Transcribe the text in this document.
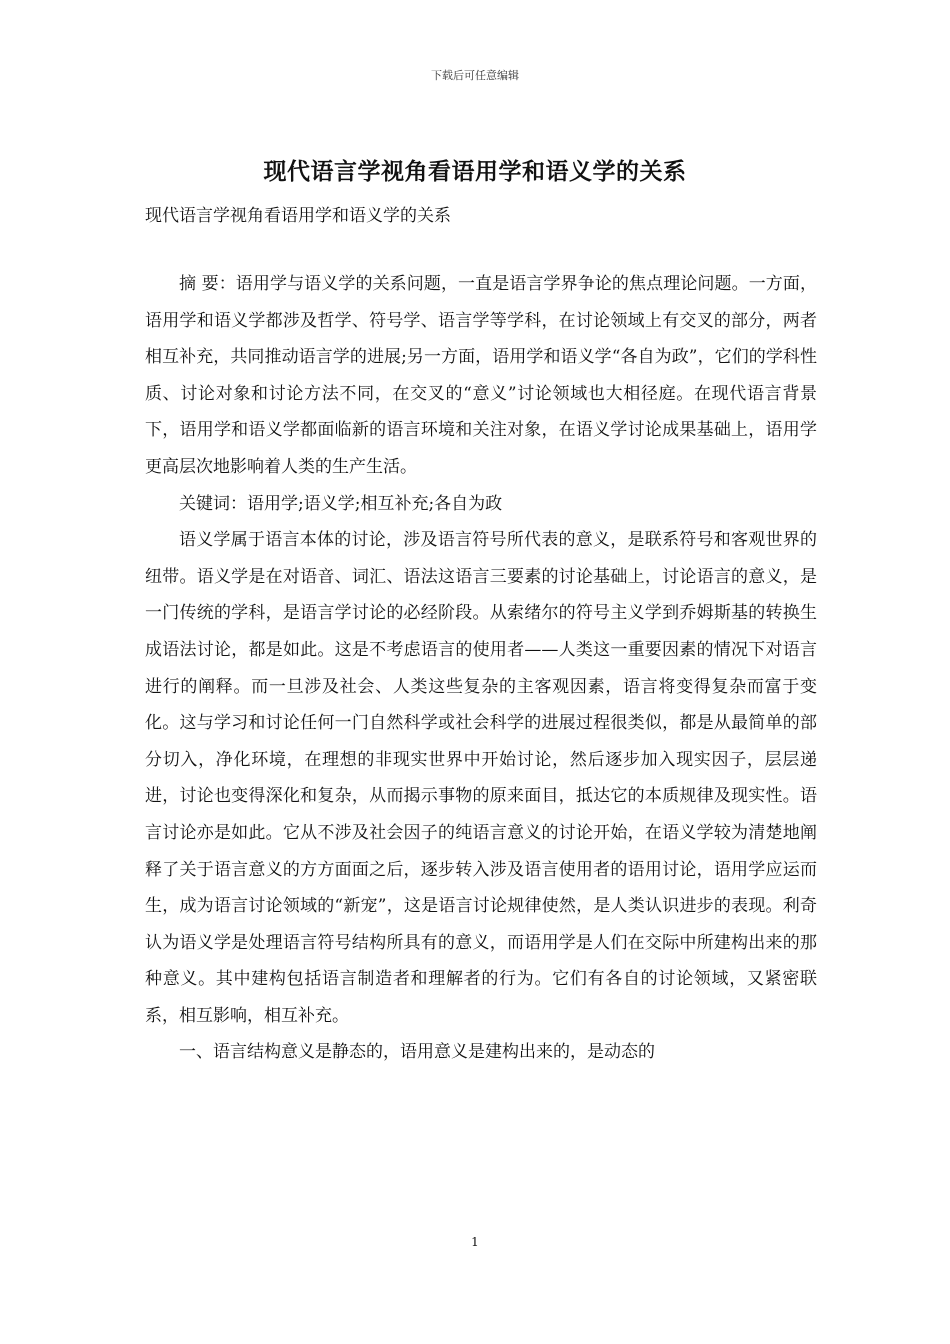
下载后可任意编辑
现代语言学视角看语用学和语义学的关系
现代语言学视角看语用学和语义学的关系

摘 要：语用学与语义学的关系问题，一直是语言学界争论的焦点理论问题。一方面，语用学和语义学都涉及哲学、符号学、语言学等学科，在讨论领域上有交叉的部分，两者相互补充，共同推动语言学的进展;另一方面，语用学和语义学“各自为政”，它们的学科性质、讨论对象和讨论方法不同，在交叉的“意义”讨论领域也大相径庭。在现代语言背景下，语用学和语义学都面临新的语言环境和关注对象，在语义学讨论成果基础上，语用学更高层次地影响着人类的生产生活。

关键词：语用学;语义学;相互补充;各自为政

语义学属于语言本体的讨论，涉及语言符号所代表的意义，是联系符号和客观世界的纽带。语义学是在对语音、词汇、语法这语言三要素的讨论基础上，讨论语言的意义，是一门传统的学科，是语言学讨论的必经阶段。从索绪尔的符号主义学到乔姆斯基的转换生成语法讨论，都是如此。这是不考虑语言的使用者——人类这一重要因素的情况下对语言进行的阐释。而一旦涉及社会、人类这些复杂的主客观因素，语言将变得复杂而富于变化。这与学习和讨论任何一门自然科学或社会科学的进展过程很类似，都是从最简单的部分切入，净化环境，在理想的非现实世界中开始讨论，然后逐步加入现实因子，层层递进，讨论也变得深化和复杂，从而揭示事物的原来面目，抵达它的本质规律及现实性。语言讨论亦是如此。它从不涉及社会因子的纯语言意义的讨论开始，在语义学较为清楚地阐释了关于语言意义的方方面面之后，逐步转入涉及语言使用者的语用讨论，语用学应运而生，成为语言讨论领域的“新宠”，这是语言讨论规律使然，是人类认识进步的表现。利奇认为语义学是处理语言符号结构所具有的意义，而语用学是人们在交际中所建构出来的那种意义。其中建构包括语言制造者和理解者的行为。它们有各自的讨论领域，又紧密联系，相互影响，相互补充。

一、语言结构意义是静态的，语用意义是建构出来的，是动态的

1
